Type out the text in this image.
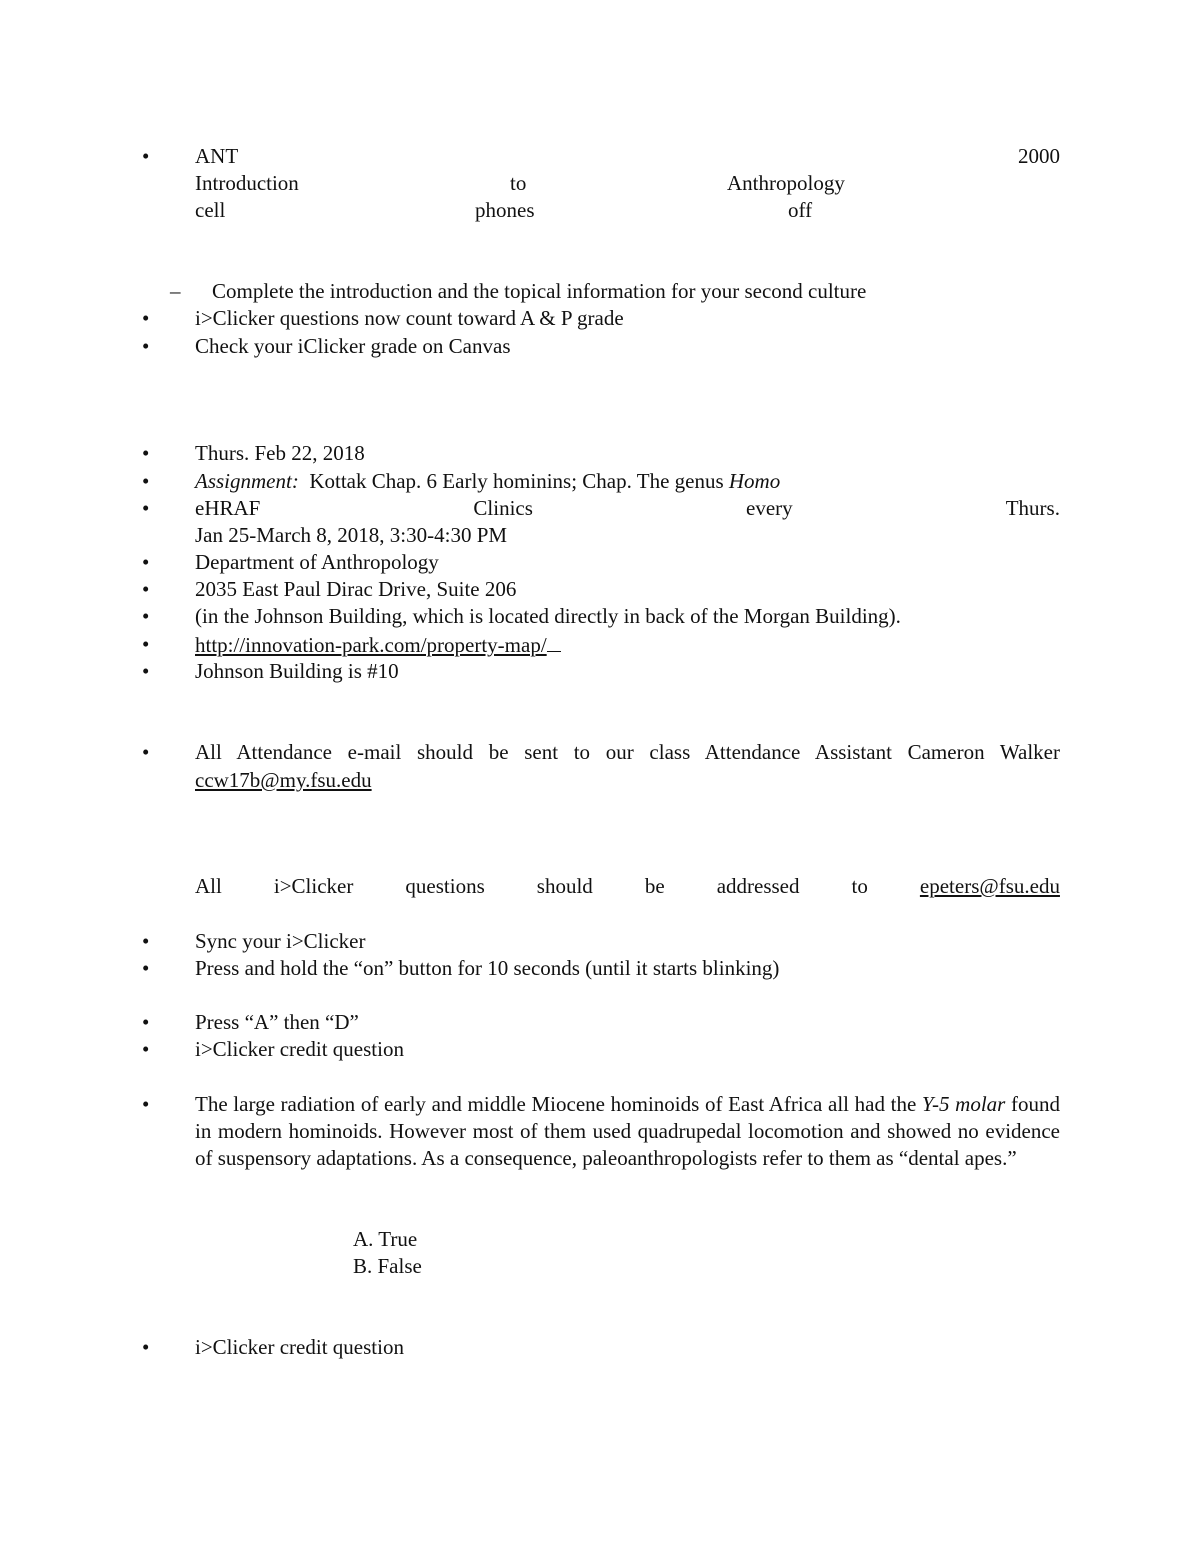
•	ANT	2000
Introduction	to	Anthropology
cell	phones	off
– Complete the introduction and the topical information for your second culture
•	i>Clicker questions now count toward A & P grade
•	Check your iClicker grade on Canvas
•	Thurs. Feb 22, 2018
•	Assignment:  Kottak Chap. 6 Early hominins; Chap. The genus Homo
•	eHRAF	Clinics	every	Thurs.
Jan 25-March 8, 2018, 3:30-4:30 PM
•	Department of Anthropology
•	2035 East Paul Dirac Drive, Suite 206
•	(in the Johnson Building, which is located directly in back of the Morgan Building).
•	http://innovation-park.com/property-map/
•	Johnson Building is #10
•	All Attendance e-mail should be sent to our class Attendance Assistant Cameron Walker
ccw17b@my.fsu.edu
All i>Clicker questions should be addressed to epeters@fsu.edu
•	Sync your i>Clicker
•	Press and hold the “on” button for 10 seconds (until it starts blinking)
•	Press “A” then “D”
•	i>Clicker credit question
•	The large radiation of early and middle Miocene hominoids of East Africa all had the Y-5 molar found in modern hominoids. However most of them used quadrupedal locomotion and showed no evidence of suspensory adaptations. As a consequence, paleoanthropologists refer to them as “dental apes.”
A. True
B. False
•	i>Clicker credit question
